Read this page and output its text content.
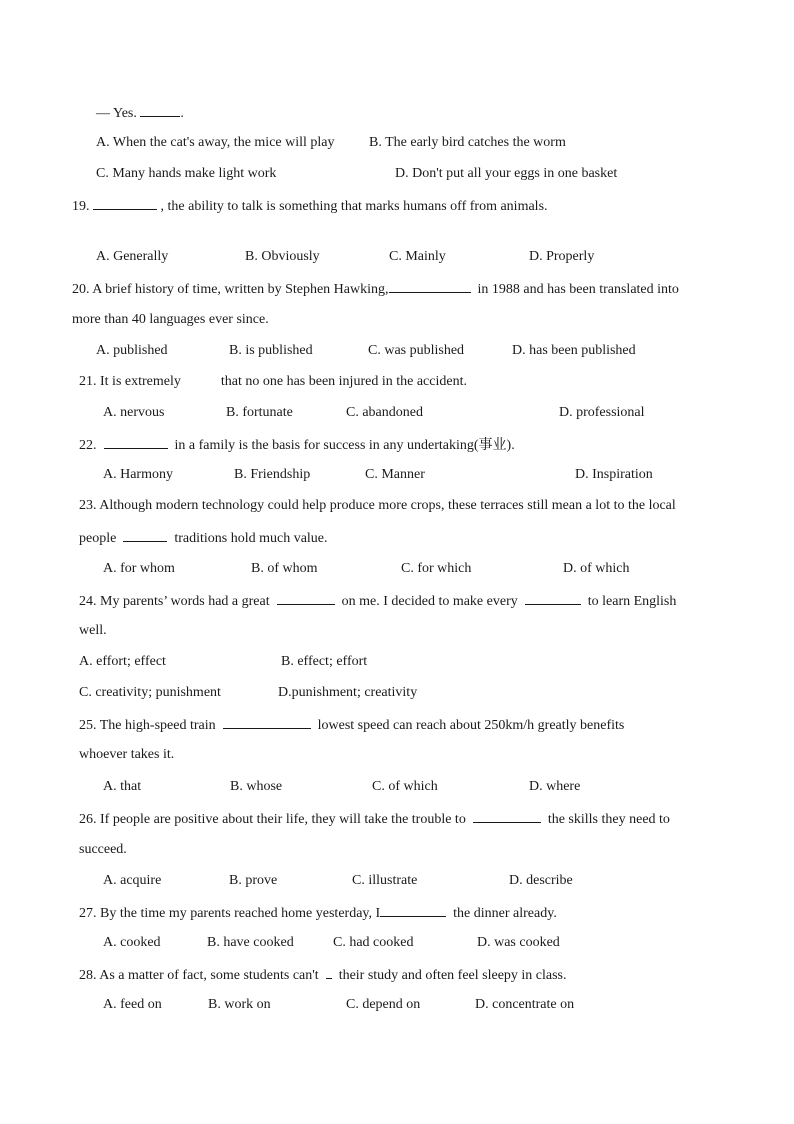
— Yes.	.
A. When the cat's away, the mice will play B. The early bird catches the worm
C. Many hands make light work	D. Don't put all your eggs in one basket
19.	, the ability to talk is something that marks humans off from animals.
A. Generally	B. Obviously	C. Mainly	D. Properly
20. A brief history of time, written by Stephen Hawking,	in 1988 and has been translated into
more than 40 languages ever since.
A. published	B. is published	C. was published	D. has been published
21. It is extremely	that no one has been injured in the accident.
A. nervous	B. fortunate	C. abandoned	D. professional
22.	in a family is the basis for success in any undertaking(事业).
A. Harmony	B. Friendship	C. Manner	D. Inspiration
23. Although modern technology could help produce more crops, these terraces still mean a lot to the local
people	traditions hold much value.
A. for whom	B. of whom	C. for which	D. of which
24. My parents’ words had a great	on me. I decided to make every	to learn English
well.
A. effort; effect	B. effect; effort
C. creativity; punishment	D.punishment; creativity
25. The high-speed train	lowest speed can reach about 250km/h greatly benefits
whoever takes it.
A. that	B. whose	C. of which	D. where
26. If people are positive about their life, they will take the trouble to	the skills they need to
succeed.
A. acquire	B. prove	C. illustrate	D. describe
27. By the time my parents reached home yesterday, I	the dinner already.
A. cooked	B. have cooked	C. had cooked	D. was cooked
28. As a matter of fact, some students can't their study and often feel sleepy in class.
A. feed on	B. work on	C. depend on	D. concentrate on
